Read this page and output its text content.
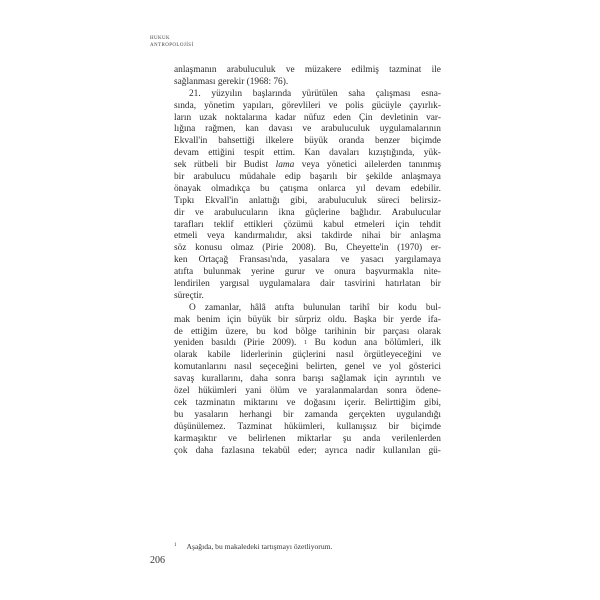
HUKUK
ANTROPOLOJİSİ
anlaşmanın arabuluculuk ve müzakere edilmiş tazminat ile
sağlanması gerekir (1968: 76).
21. yüzyılın başlarında yürütülen saha çalışması esna-
sında, yönetim yapıları, görevlileri ve polis gücüyle çayırlık-
ların uzak noktalarına kadar nüfuz eden Çin devletinin var-
lığına rağmen, kan davası ve arabuluculuk uygulamalarının
Ekvall'in bahsettiği ilkelere büyük oranda benzer biçimde
devam ettiğini tespit ettim. Kan davaları kızıştığında, yük-
sek rütbeli bir Budist lama veya yönetici ailelerden tanınmış
bir arabulucu müdahale edip başarılı bir şekilde anlaşmaya
önayak olmadıkça bu çatışma onlarca yıl devam edebilir.
Tıpkı Ekvall'in anlattığı gibi, arabuluculuk süreci belirsiz-
dir ve arabulucuların ikna güçlerine bağlıdır. Arabulucular
tarafları teklif ettikleri çözümü kabul etmeleri için tehdit
etmeli veya kandırmalıdır, aksi takdirde nihai bir anlaşma
söz konusu olmaz (Pirie 2008). Bu, Cheyette'in (1970) er-
ken Ortaçağ Fransası'nda, yasalara ve yasacı yargılamaya
atıfta bulunmak yerine gurur ve onura başvurmakla nite-
lendirilen yargısal uygulamalara dair tasvirini hatırlatan bir
süreçtir.
O zamanlar, hâlâ atıfta bulunulan tarihî bir kodu bul-
mak benim için büyük bir sürpriz oldu. Başka bir yerde ifa-
de ettiğim üzere, bu kod bölge tarihinin bir parçası olarak
yeniden basıldı (Pirie 2009). 1 Bu kodun ana bölümleri, ilk
olarak kabile liderlerinin güçlerini nasıl örgütleyeceğini ve
komutanlarını nasıl seçeceğini belirten, genel ve yol gösterici
savaş kurallarını, daha sonra barışı sağlamak için ayrıntılı ve
özel hükümleri yani ölüm ve yaralanmalardan sonra ödene-
cek tazminatın miktarını ve doğasını içerir. Belirttiğim gibi,
bu yasaların herhangi bir zamanda gerçekten uygulandığı
düşünülemez. Tazminat hükümleri, kullanışsız bir biçimde
karmaşıktır ve belirlenen miktarlar şu anda verilenlerden
çok daha fazlasına tekabül eder; ayrıca nadir kullanılan gü-
$^1$ Aşağıda, bu makaledeki tartışmayı özetliyorum.
206
